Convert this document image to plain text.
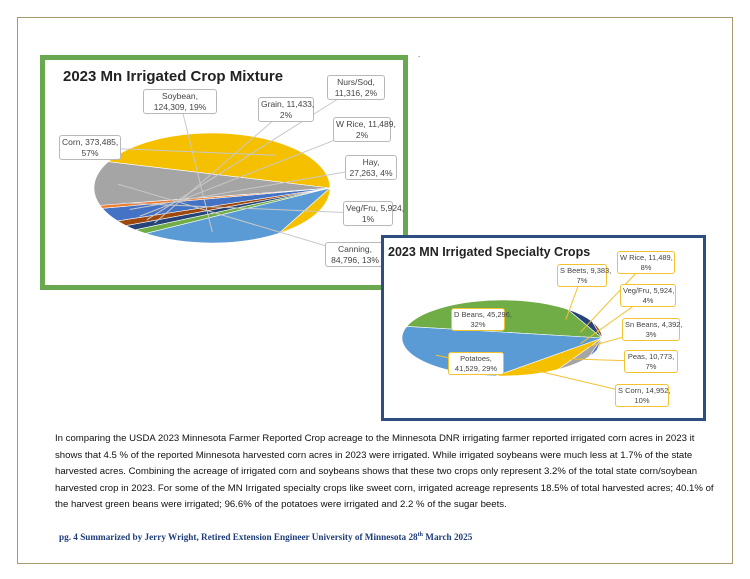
.
2023 Mn Irrigated Crop Mixture
Corn, 373,485,
57%
Soybean,
124,309, 19%	Grain, 11,433,
2%
Nurs/Sod,
11,316, 2%
W Rice, 11,489,
2%
Hay,
27,263, 4%
Veg/Fru, 5,924,
1%
Canning,
84,796, 13%
2023 MN Irrigated Specialty Crops
D Beans, 45,296
32%
S Beets, 9,383,
7%
W Rice, 11,489,
8%
Veg/Fru, 5,924,
4%
Sn Beans, 4,392,
3%
Peas, 10,773,
7%
S Corn, 14,952,
10%
Potatoes,
41,529, 29%

In comparing the USDA 2023 Minnesota Farmer Reported Crop acreage to the Minnesota DNR irrigating farmer reported irrigated corn acres in 2023 it shows that 4.5 % of the reported Minnesota harvested corn acres in 2023 were irrigated. While irrigated soybeans were much less at 1.7% of the state harvested acres. Combining the acreage of irrigated corn and soybeans shows that these two crops only represent 3.2% of the total state corn/soybean harvested crop in 2023. For some of the MN Irrigated specialty crops like sweet corn, irrigated acreage represents 18.5% of total harvested acres; 40.1% of the harvest green beans were irrigated; 96.6% of the potatoes were irrigated and 2.2 % of the sugar beets.

pg. 4 Summarized by Jerry Wright, Retired Extension Engineer University of Minnesota 28th March 2025
